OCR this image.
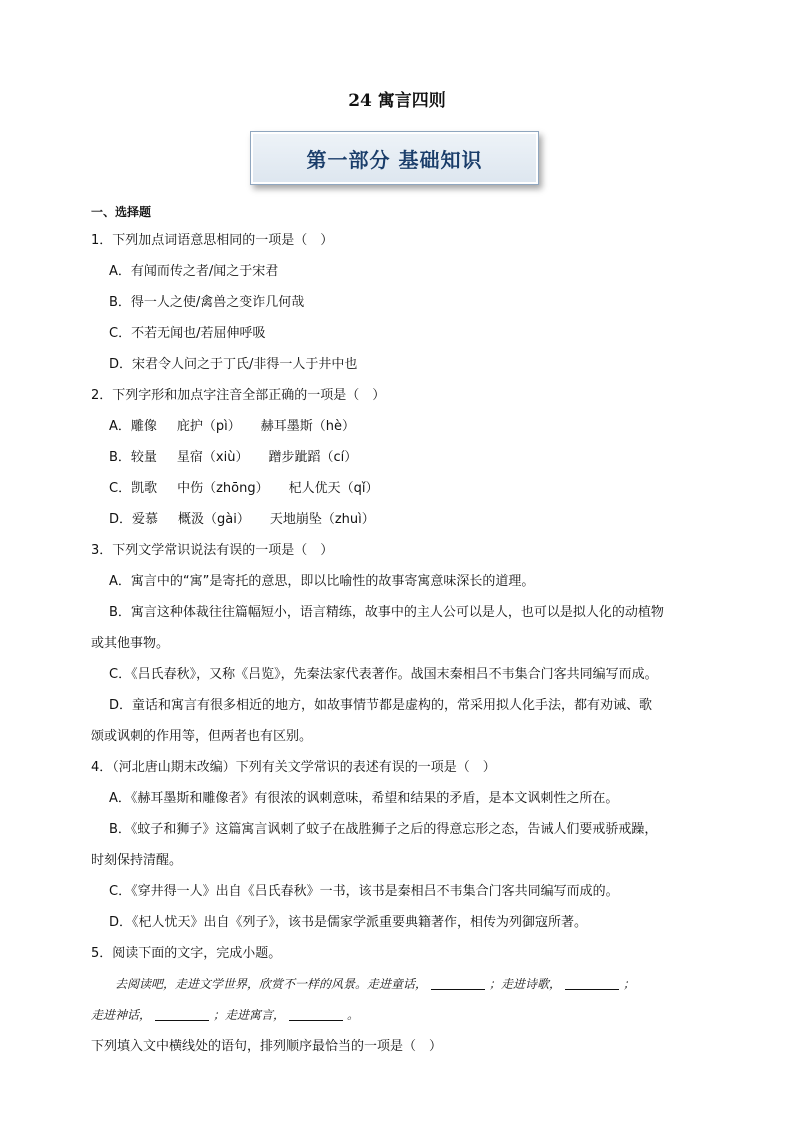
24 寓言四则
第一部分 基础知识
一、选择题
1．下列加点词语意思相同的一项是（　）
A．有闻而传之者/闻之于宋君
B．得一人之使/禽兽之变诈几何哉
C．不若无闻也/若屈伸呼吸
D．宋君令人问之于丁氏/非得一人于井中也
2．下列字形和加点字注音全部正确的一项是（　）
A．雕像 庇护（pì） 赫耳墨斯（hè）
B．较量 星宿（xiù） 蹭步跐蹈（cí）
C．凯歌 中伤（zhōng） 杞人优天（qǐ）
D．爱慕 概汲（gài） 天地崩坠（zhuì）
3．下列文学常识说法有误的一项是（　）
A．寓言中的“寓”是寄托的意思，即以比喻性的故事寄寓意味深长的道理。
B．寓言这种体裁往往篇幅短小，语言精练，故事中的主人公可以是人，也可以是拟人化的动植物
或其他事物。
C．《吕氏春秋》，又称《吕览》，先秦法家代表著作。战国末秦相吕不韦集合门客共同编写而成。
D．童话和寓言有很多相近的地方，如故事情节都是虚构的，常采用拟人化手法，都有劝诫、歌
颂或讽刺的作用等，但两者也有区别。
4．（河北唐山期末改编）下列有关文学常识的表述有误的一项是（　）
A．《赫耳墨斯和雕像者》有很浓的讽刺意味，希望和结果的矛盾，是本文讽刺性之所在。
B．《蚊子和狮子》这篇寓言讽刺了蚊子在战胜狮子之后的得意忘形之态，告诫人们要戒骄戒躁，
时刻保持清醒。
C．《穿井得一人》出自《吕氏春秋》一书，该书是秦相吕不韦集合门客共同编写而成的。
D．《杞人忧天》出自《列子》，该书是儒家学派重要典籍著作，相传为列御寇所著。
5．阅读下面的文字，完成小题。
去阅读吧，走进文学世界，欣赏不一样的风景。走进童话，	；走进诗歌，	；
走进神话，	；走进寓言，	。
下列填入文中横线处的语句，排列顺序最恰当的一项是（　）
